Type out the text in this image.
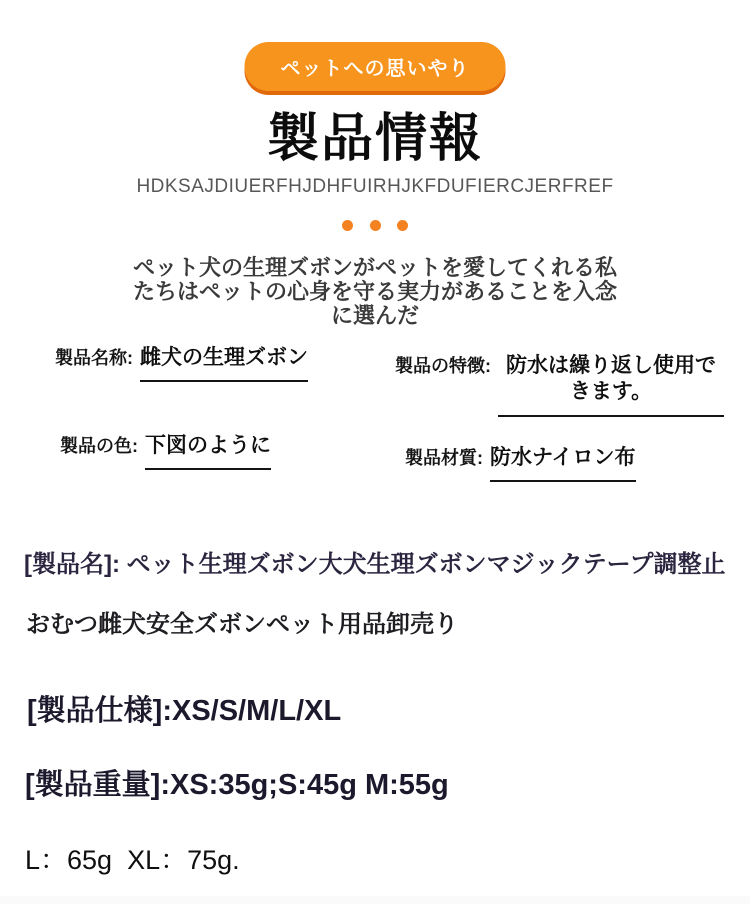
ペットへの思いやり
製品情報
HDKSAJDIUERFHJDHFUIRHJKFDUFIERCJERFREF

ペット犬の生理ズボンがペットを愛してくれる私
たちはペットの心身を守る実力があることを入念
に選んだ
製品名称: 雌犬の生理ズボン	製品の特徴: 防水は繰り返し使用できます。
製品の色: 下図のように
製品材質: 防水ナイロン布
[製品名]: ペット生理ズボン大犬生理ズボンマジックテープ調整止
おむつ雌犬安全ズボンペット用品卸売り
[製品仕様]:XS/S/M/L/XL
[製品重量]:XS:35g;S:45g M:55g
L：65g  XL：75g.
